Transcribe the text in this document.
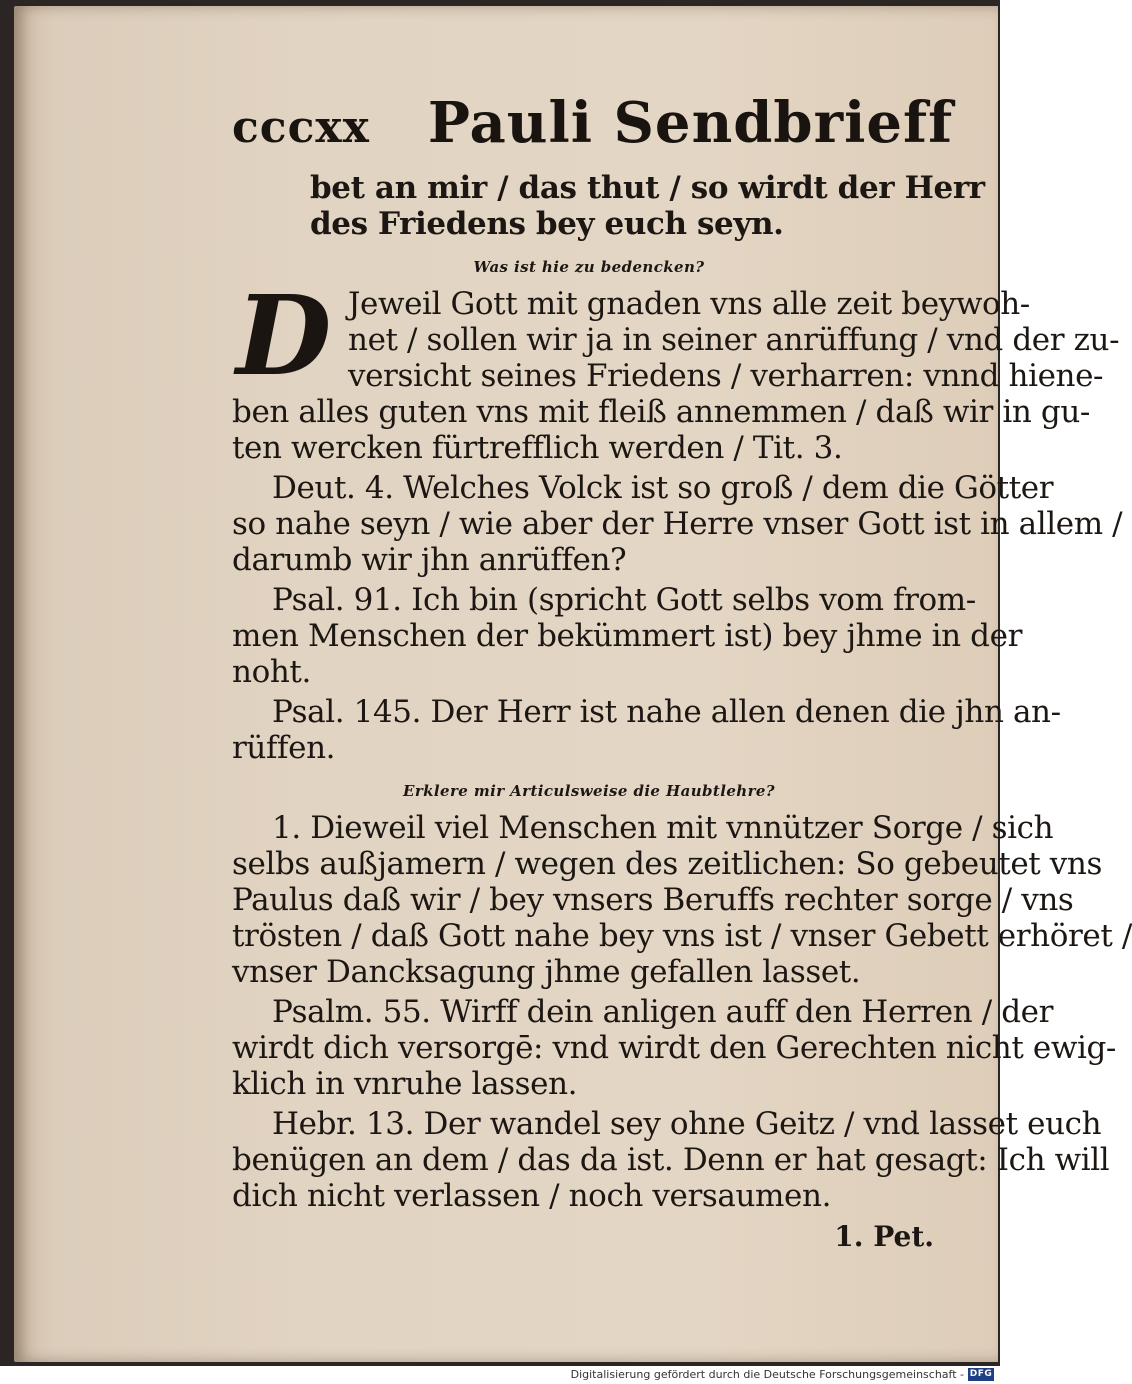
cccxx Pauli Sendbrieff
bet an mir / das thut / so wirdt der Herr
des Friedens bey euch seyn.
Was ist hie zu bedencken?
D Jeweil Gott mit gnaden vns alle zeit beywoh-
net / sollen wir ja in seiner anrüffung / vnd der zu-
versicht seines Friedens / verharren: vnnd hiene-
ben alles guten vns mit fleiß annemmen / daß wir in gu-
ten wercken fürtrefflich werden / Tit. 3.
Deut. 4. Welches Volck ist so groß / dem die Götter
so nahe seyn / wie aber der Herre vnser Gott ist in allem /
darumb wir jhn anrüffen?
Psal. 91. Ich bin (spricht Gott selbs vom from-
men Menschen der bekümmert ist) bey jhme in der
noht.
Psal. 145. Der Herr ist nahe allen denen die jhn an-
rüffen.
Erklere mir Articulsweise die Haubtlehre?
1. Dieweil viel Menschen mit vnnützer Sorge / sich
selbs außjamern / wegen des zeitlichen: So gebeutet vns
Paulus daß wir / bey vnsers Beruffs rechter sorge / vns
trösten / daß Gott nahe bey vns ist / vnser Gebett erhöret /
vnser Dancksagung jhme gefallen lasset.
Psalm. 55. Wirff dein anligen auff den Herren / der
wirdt dich versorgē: vnd wirdt den Gerechten nicht ewig-
klich in vnruhe lassen.
Hebr. 13. Der wandel sey ohne Geitz / vnd lasset euch
benügen an dem / das da ist. Denn er hat gesagt: Ich will
dich nicht verlassen / noch versaumen.
1. Pet.
Digitalisierung gefördert durch die Deutsche Forschungsgemeinschaft - DFG
